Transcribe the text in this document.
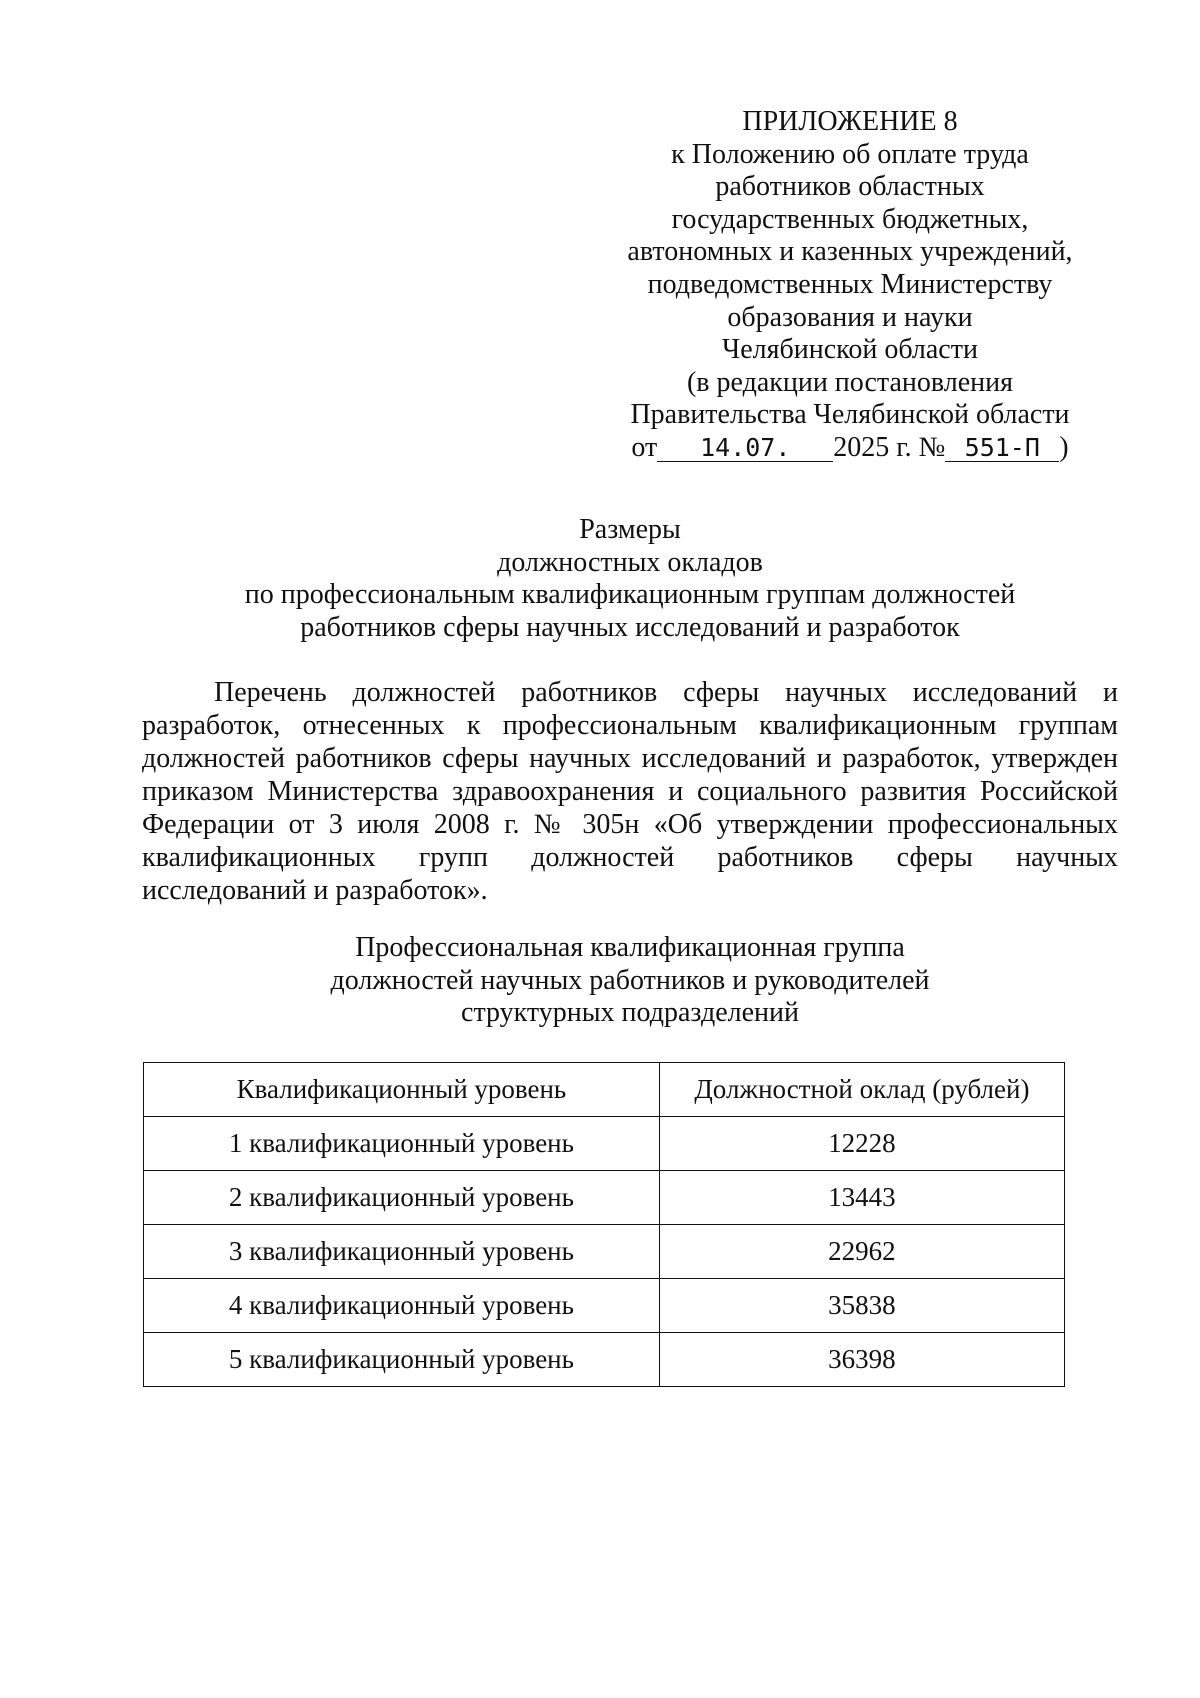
ПРИЛОЖЕНИЕ 8
к Положению об оплате труда
работников областных
государственных бюджетных,
автономных и казенных учреждений,
подведомственных Министерству
образования и науки
Челябинской области
(в редакции постановления
Правительства Челябинской области
от 14.07. 2025 г. № 551-П )
Размеры
должностных окладов
по профессиональным квалификационным группам должностей
работников сферы научных исследований и разработок
Перечень должностей работников сферы научных исследований и
разработок, отнесенных к профессиональным квалификационным группам
должностей работников сферы научных исследований и разработок, утвержден
приказом Министерства здравоохранения и социального развития Российской
Федерации от 3 июля 2008 г. № 305н «Об утверждении профессиональных
квалификационных групп должностей работников сферы научных
исследований и разработок».
Профессиональная квалификационная группа
должностей научных работников и руководителей
структурных подразделений
Квалификационный уровень	Должностной оклад (рублей)
1 квалификационный уровень	12228
2 квалификационный уровень	13443
3 квалификационный уровень	22962
4 квалификационный уровень	35838
5 квалификационный уровень	36398
